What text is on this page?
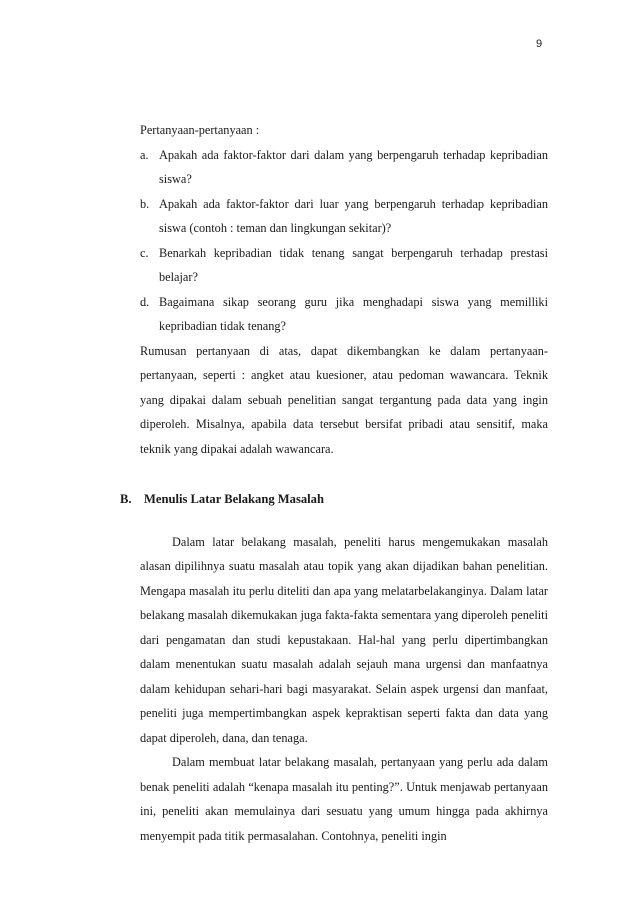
9

Pertanyaan-pertanyaan :

a. Apakah ada faktor-faktor dari dalam yang berpengaruh terhadap kepribadian siswa?
b. Apakah ada faktor-faktor dari luar yang berpengaruh terhadap kepribadian siswa (contoh : teman dan lingkungan sekitar)?
c. Benarkah kepribadian tidak tenang sangat berpengaruh terhadap prestasi belajar?
d. Bagaimana sikap seorang guru jika menghadapi siswa yang memilliki kepribadian tidak tenang?

Rumusan pertanyaan di atas, dapat dikembangkan ke dalam pertanyaan-pertanyaan, seperti : angket atau kuesioner, atau pedoman wawancara. Teknik yang dipakai dalam sebuah penelitian sangat tergantung pada data yang ingin diperoleh. Misalnya, apabila data tersebut bersifat pribadi atau sensitif, maka teknik yang dipakai adalah wawancara.

B. Menulis Latar Belakang Masalah

Dalam latar belakang masalah, peneliti harus mengemukakan masalah alasan dipilihnya suatu masalah atau topik yang akan dijadikan bahan penelitian. Mengapa masalah itu perlu diteliti dan apa yang melatarbelakanginya. Dalam latar belakang masalah dikemukakan juga fakta-fakta sementara yang diperoleh peneliti dari pengamatan dan studi kepustakaan. Hal-hal yang perlu dipertimbangkan dalam menentukan suatu masalah adalah sejauh mana urgensi dan manfaatnya dalam kehidupan sehari-hari bagi masyarakat. Selain aspek urgensi dan manfaat, peneliti juga mempertimbangkan aspek kepraktisan seperti fakta dan data yang dapat diperoleh, dana, dan tenaga.

Dalam membuat latar belakang masalah, pertanyaan yang perlu ada dalam benak peneliti adalah “kenapa masalah itu penting?”. Untuk menjawab pertanyaan ini, peneliti akan memulainya dari sesuatu yang umum hingga pada akhirnya menyempit pada titik permasalahan. Contohnya, peneliti ingin
